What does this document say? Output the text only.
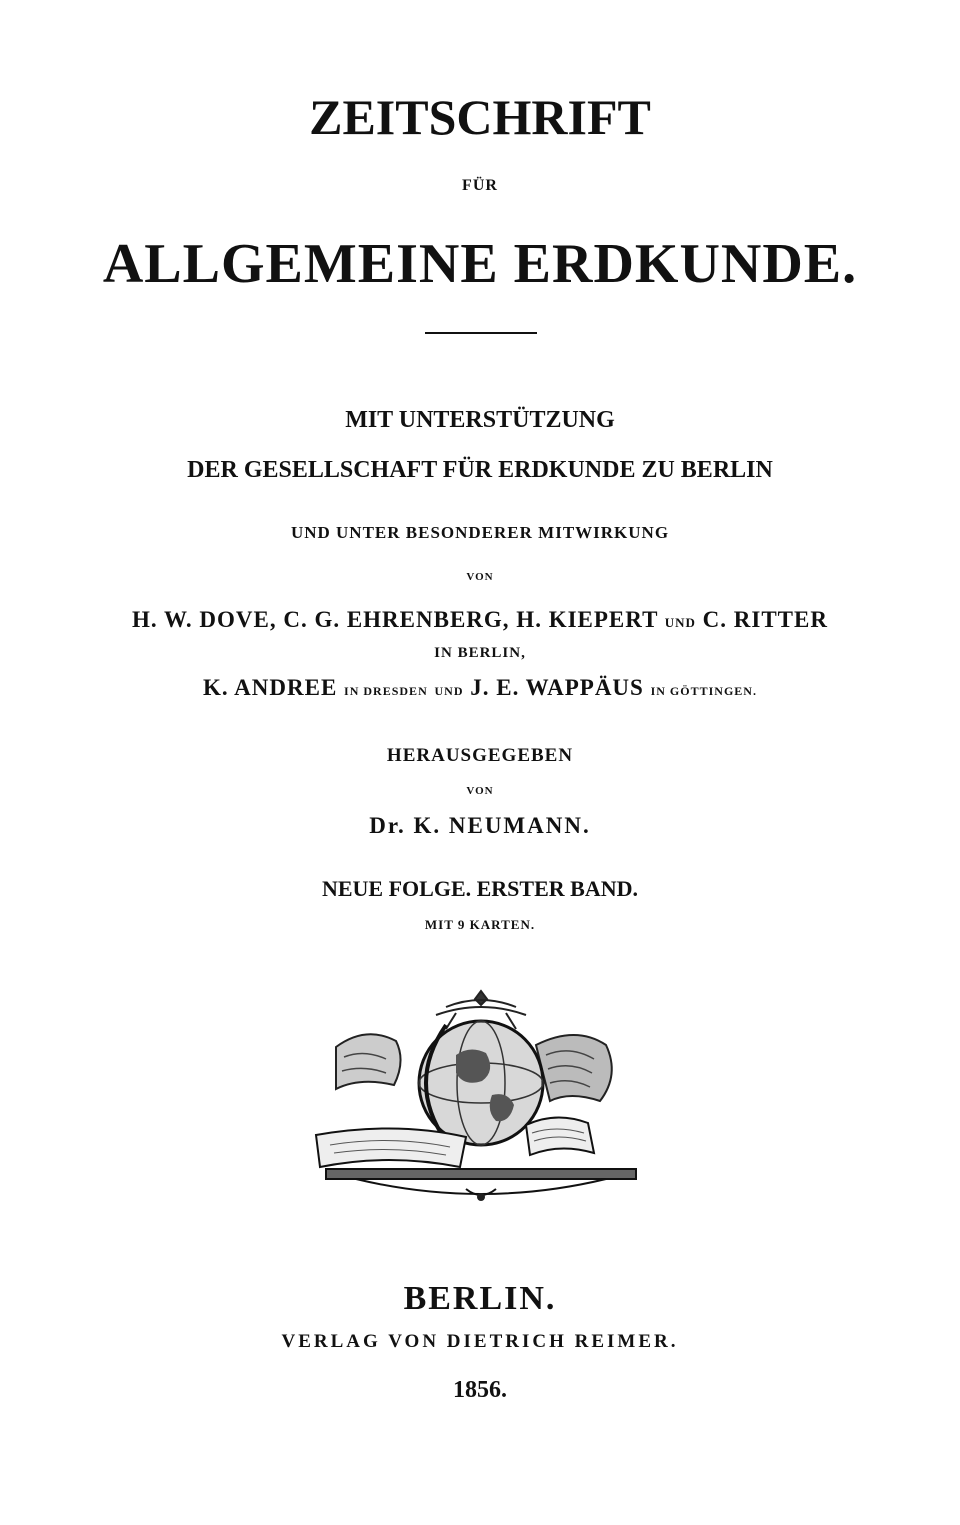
ZEITSCHRIFT
FÜR
ALLGEMEINE ERDKUNDE.
MIT UNTERSTÜTZUNG
DER GESELLSCHAFT FÜR ERDKUNDE ZU BERLIN
UND UNTER BESONDERER MITWIRKUNG
VON
H. W. DOVE, C. G. EHRENBERG, H. KIEPERT UND C. RITTER
IN BERLIN,
K. ANDREE IN DRESDEN UND J. E. WAPPÄUS IN GÖTTINGEN.
HERAUSGEGEBEN
VON
Dr. K. NEUMANN.
NEUE FOLGE. ERSTER BAND.
MIT 9 KARTEN.
BERLIN.
VERLAG VON DIETRICH REIMER.
1856.
